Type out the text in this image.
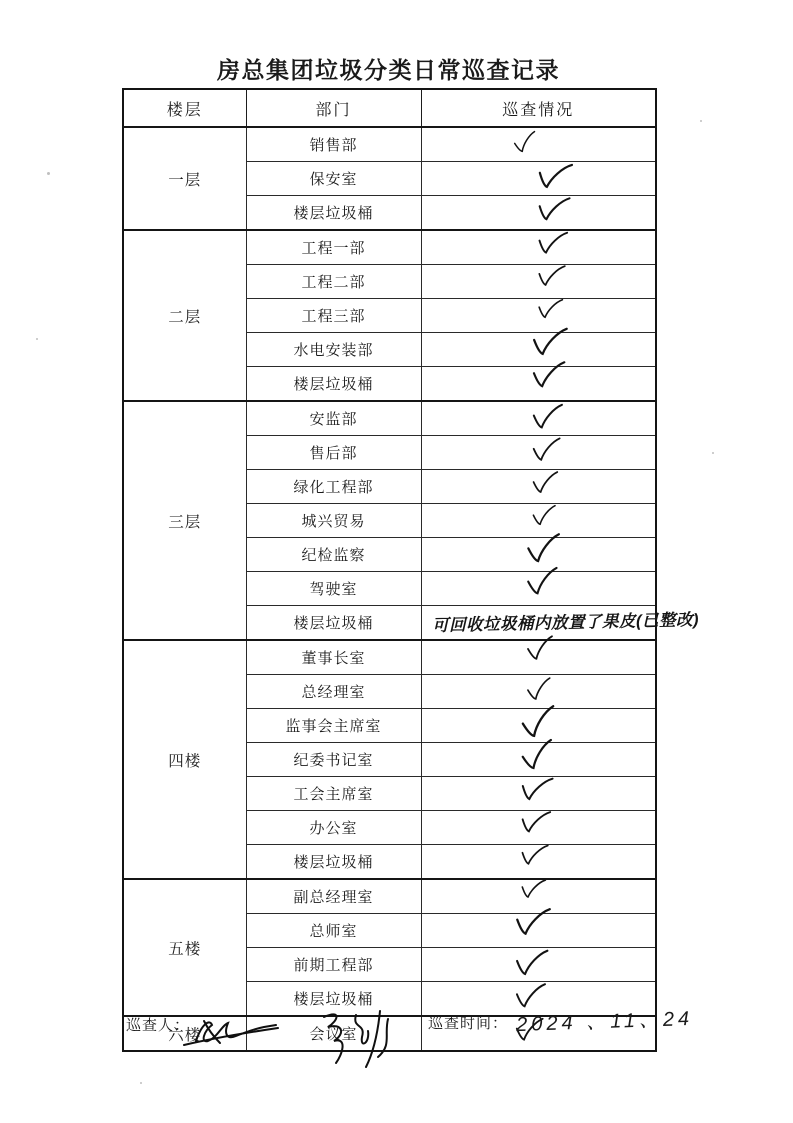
房总集团垃圾分类日常巡查记录
楼层	部门	巡查情况
一层	销售部	
	保安室	
	楼层垃圾桶	
二层	工程一部	
	工程二部	
	工程三部	
	水电安装部	
	楼层垃圾桶	
三层	安监部	
	售后部	
	绿化工程部	
	城兴贸易	
	纪检监察	
	驾驶室	
	楼层垃圾桶	可回收垃圾桶内放置了果皮(已整改)

四楼	董事长室	
	总经理室	
	监事会主席室	
	纪委书记室	
	工会主席室	
	办公室	
	楼层垃圾桶	
五楼	副总经理室	
	总师室	
	前期工程部	
	楼层垃圾桶	
六楼	会议室	
巡查人：	巡查时间： 2024 、11、24
